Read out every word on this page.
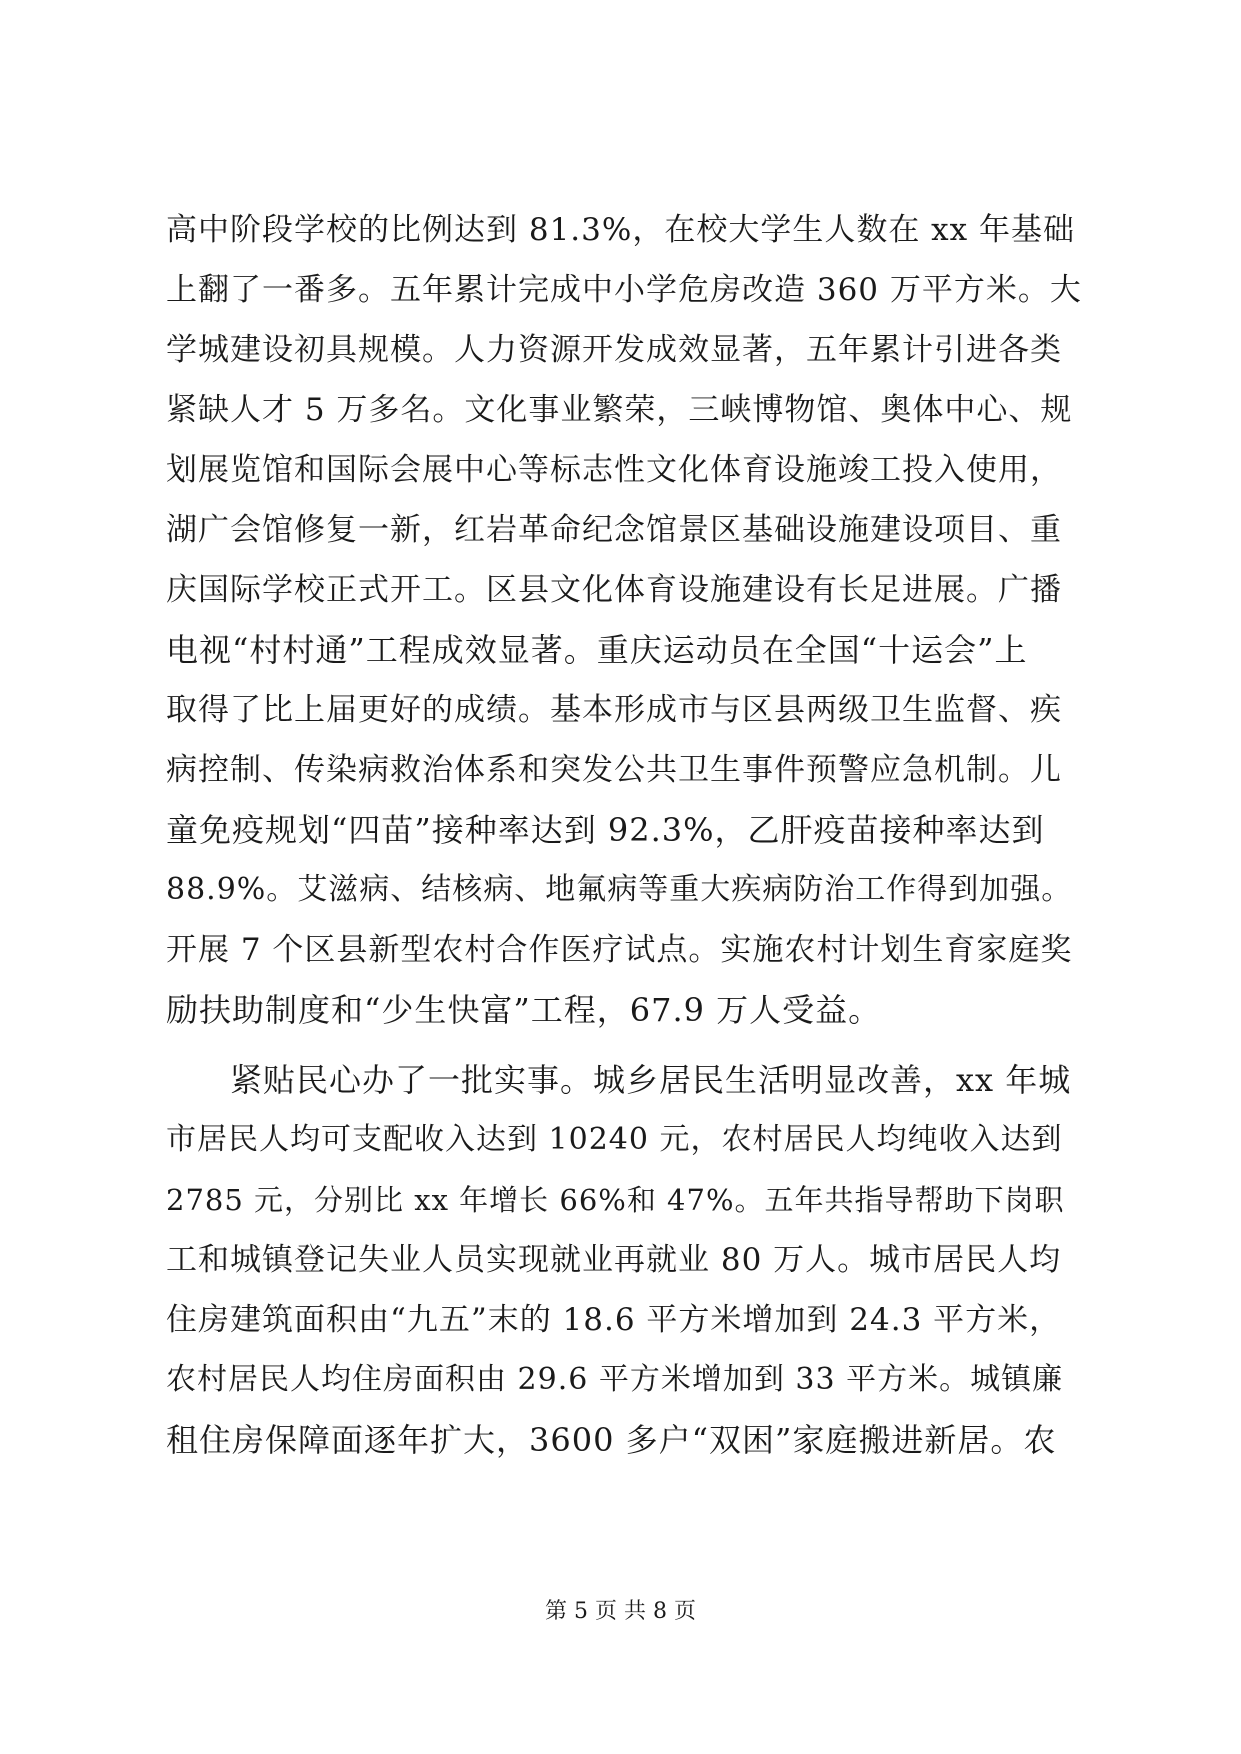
高中阶段学校的比例达到 81.3%，在校大学生人数在 xx 年基础
上翻了一番多。五年累计完成中小学危房改造 360 万平方米。大
学城建设初具规模。人力资源开发成效显著，五年累计引进各类
紧缺人才 5 万多名。文化事业繁荣，三峡博物馆、奥体中心、规
划展览馆和国际会展中心等标志性文化体育设施竣工投入使用，
湖广会馆修复一新，红岩革命纪念馆景区基础设施建设项目、重
庆国际学校正式开工。区县文化体育设施建设有长足进展。广播
电视“村村通”工程成效显著。重庆运动员在全国“十运会”上
取得了比上届更好的成绩。基本形成市与区县两级卫生监督、疾
病控制、传染病救治体系和突发公共卫生事件预警应急机制。儿
童免疫规划“四苗”接种率达到 92.3%，乙肝疫苗接种率达到
88.9%。艾滋病、结核病、地氟病等重大疾病防治工作得到加强。
开展 7 个区县新型农村合作医疗试点。实施农村计划生育家庭奖
励扶助制度和“少生快富”工程，67.9 万人受益。
紧贴民心办了一批实事。城乡居民生活明显改善，xx 年城
市居民人均可支配收入达到 10240 元，农村居民人均纯收入达到
2785 元，分别比 xx 年增长 66%和 47%。五年共指导帮助下岗职
工和城镇登记失业人员实现就业再就业 80 万人。城市居民人均
住房建筑面积由“九五”末的 18.6 平方米增加到 24.3 平方米，
农村居民人均住房面积由 29.6 平方米增加到 33 平方米。城镇廉
租住房保障面逐年扩大，3600 多户“双困”家庭搬进新居。农
第 5 页 共 8 页
